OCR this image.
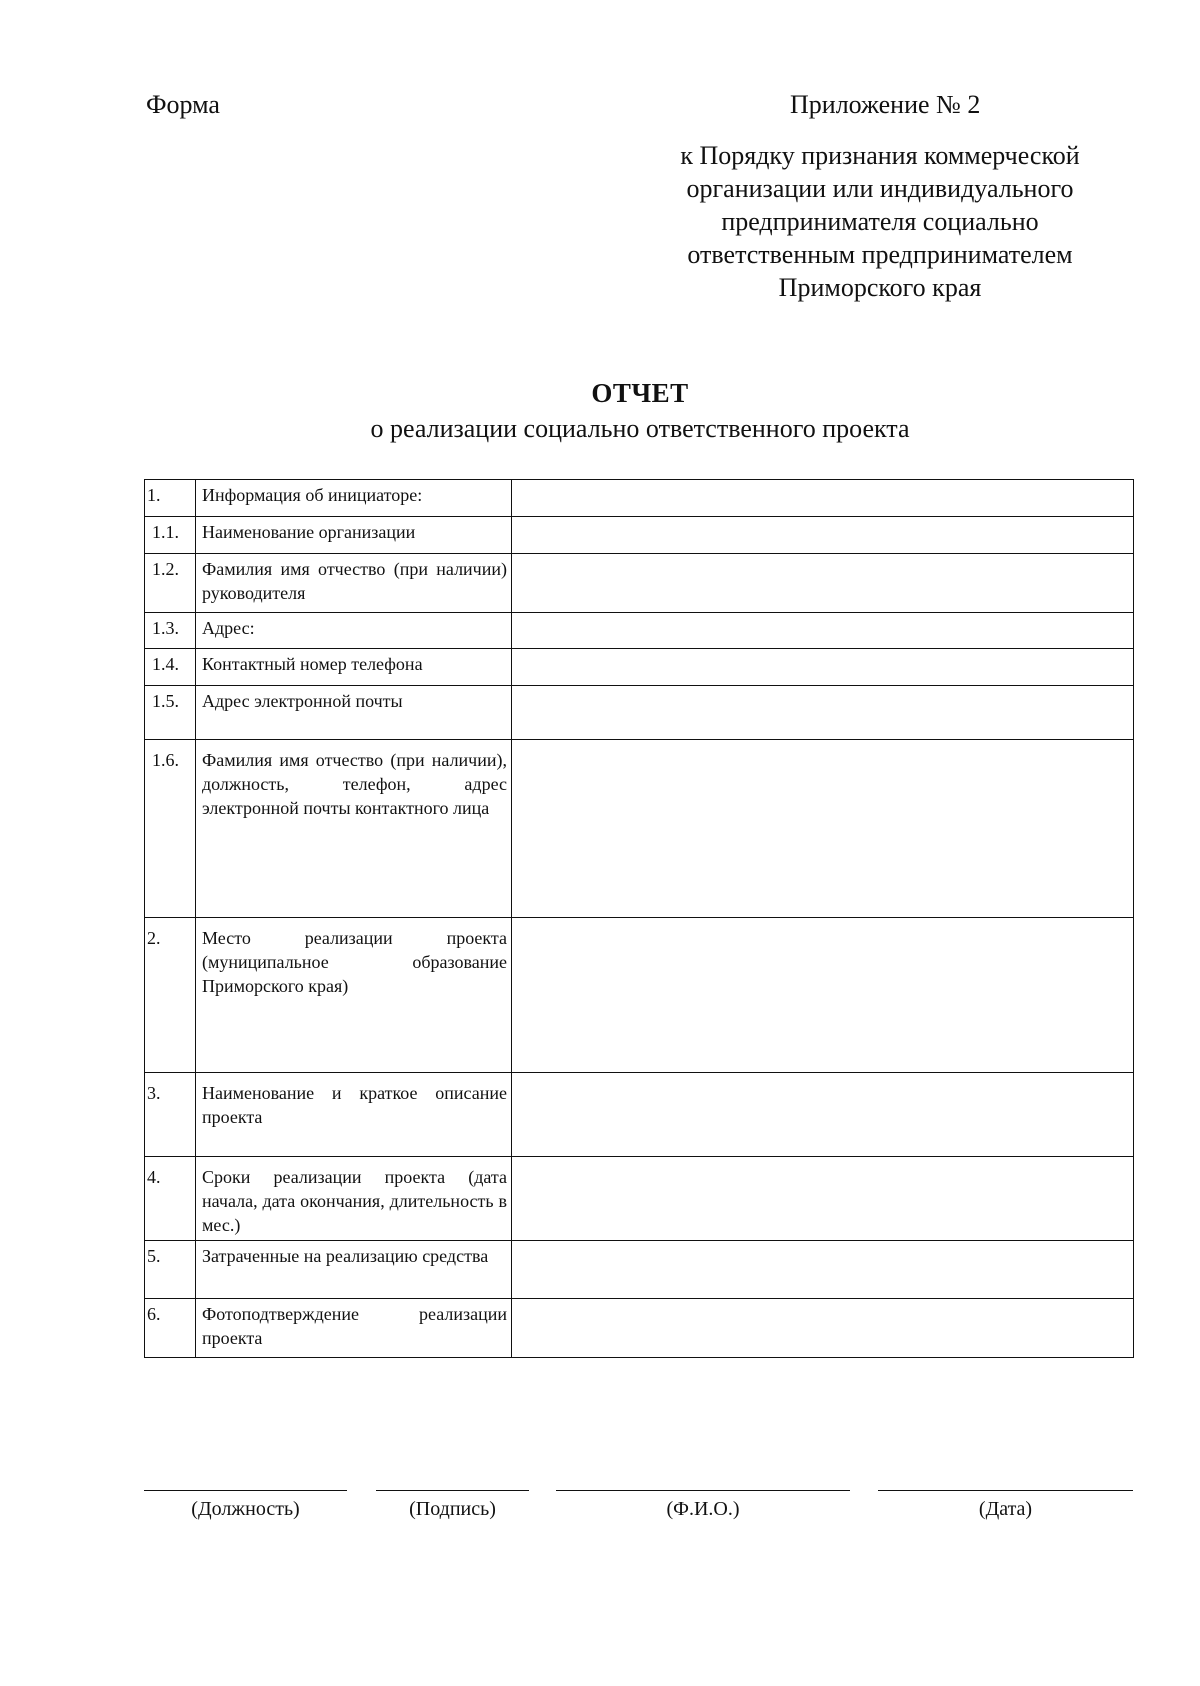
Форма	Приложение № 2
к Порядку признания коммерческой
организации или индивидуального
предпринимателя социально
ответственным предпринимателем
Приморского края
ОТЧЕТ
о реализации социально ответственного проекта
1.	Информация об инициаторе:	
1.1.	Наименование организации	
1.2.	Фамилия имя отчество (при наличии) руководителя	
1.3.	Адрес:	
1.4.	Контактный номер телефона	
1.5.	Адрес электронной почты	
1.6.	Фамилия имя отчество (при наличии), должность, телефон, адрес электронной почты контактного лица	
2.	Место реализации проекта (муниципальное образование Приморского края)	
3.	Наименование и краткое описание проекта	
4.	Сроки реализации проекта (дата начала, дата окончания, длительность в мес.)	
5.	Затраченные на реализацию средства	
6.	Фотоподтверждение реализации проекта	
(Должность)	(Подпись)	(Ф.И.О.)	(Дата)
